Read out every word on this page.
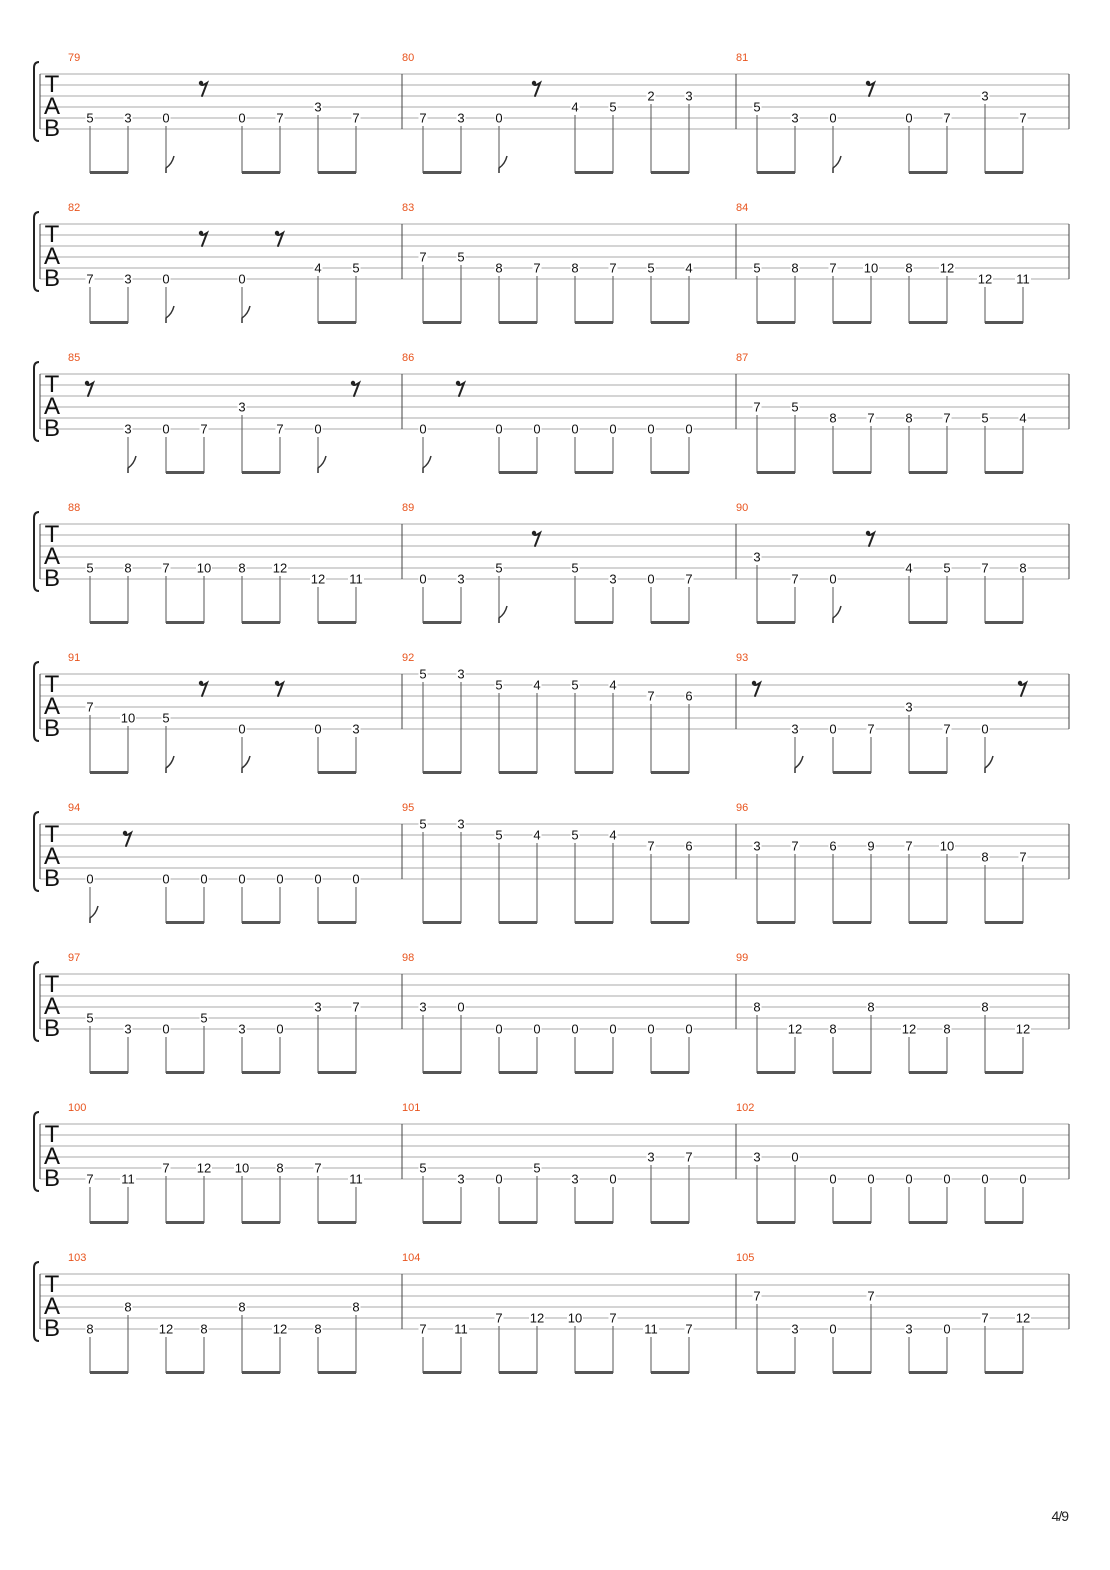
T
A
B
79
5 3 0	0 7
3
7
80
7 3 0
4 5
2 3
81
5
3 0	0 7
3
7
T
A
B
82
7 3 0	0
4 5
83
7 5
8 7 8 7 5 4
84
5 8 7 10 8 12
12 11
T
A
B
85
3 0 7
3
7 0
86
0	0 0 0 0 0 0
87
7 5
8 7 8 7 5 4
T
A
B
88
5 8 7 10 8 12
12 11
89
0 3
5	5
3 0 7
90
3
7 0
4 5 7 8
T
A
B
91
7
10 5
0	0 3
92
5 3
5 4 5 4
7 6
93
3 0 7
3
7 0
T
A
B
94
0	0 0 0 0 0 0
95
5 3
5 4 5 4
7 6
96
3 7 6 9 7 10
8 7
T
A
B
97
5
3 0
5
3 0
3 7
98
3 0
0 0 0 0 0 0
99
8
12 8
8
12 8
8
12
T
A
B
100
7 11
7 12 10 8 7
11
101
5
3 0
5
3 0
3 7
102
3 0
0 0 0 0 0 0
T
A
B
103
8
8
12 8
8
12 8
8
104
7 11
7 12 10 7
11 7
105
7
3 0
7
3 0
7 12
4/9
